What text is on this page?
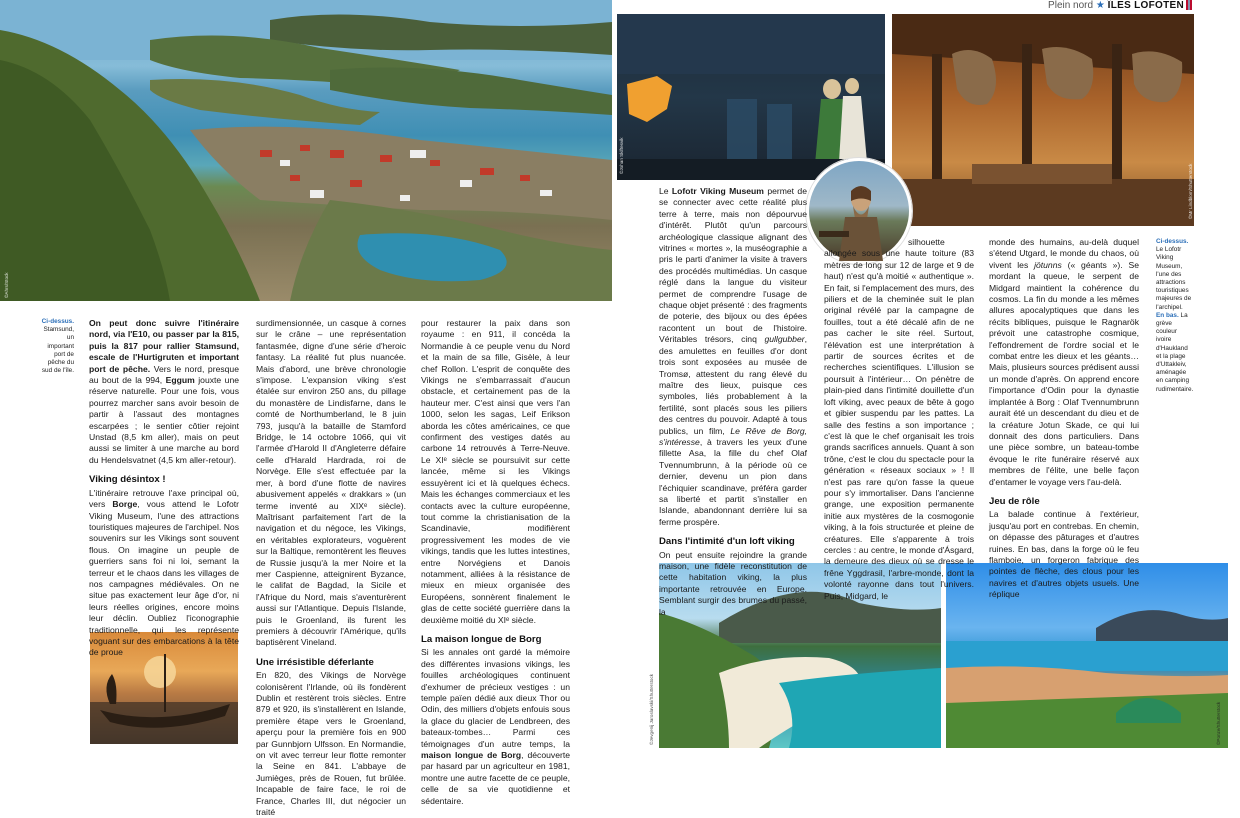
Plein nord ★ ÎLES LOFOTEN
©Ahrs/Stock
©Johan Skiftesvik
©Mr Lindblom/Shutterstock
©Vlada Photo/Shutterstock	©Jevgenij Jaroslavski/Shutterstock	©Ponze/Shutterstock
Ci-dessus. Stamsund, un important port de pêche du sud de l'île.
Ci-dessus. Le Lofotr Viking Museum, l'une des attractions touristiques majeures de l'archipel. En bas. La grève couleur ivoire d'Haukland et la plage d'Uttakleiv, aménagée en camping rudimentaire.

On peut donc suivre l'itinéraire nord, via l'E10, ou passer par la 815, puis la 817 pour rallier Stamsund, escale de l'Hurtigruten et important port de pêche. Vers le nord, presque au bout de la 994, Eggum jouxte une réserve naturelle. Pour une fois, vous pourrez marcher sans avoir besoin de partir à l'assaut des montagnes escarpées ; le sentier côtier rejoint Unstad (8,5 km aller), mais on peut aussi se limiter à une marche au bord du Hendelsvatnet (4,5 km aller-retour).

Viking désintox !

L'itinéraire retrouve l'axe principal où, vers Borge, vous attend le Lofotr Viking Museum, l'une des attractions touristiques majeures de l'archipel. Nos souvenirs sur les Vikings sont souvent flous. On imagine un peuple de guerriers sans foi ni loi, semant la terreur et le chaos dans les villages de nos campagnes médiévales. On ne situe pas exactement leur âge d'or, ni leurs réelles origines, encore moins leur déclin. Oubliez l'iconographie traditionnelle, qui les représente voguant sur des embarcations à la tête de proue

surdimensionnée, un casque à cornes sur le crâne – une représentation fantasmée, digne d'une série d'heroic fantasy. La réalité fut plus nuancée. Mais d'abord, une brève chronologie s'impose. L'expansion viking s'est étalée sur environ 250 ans, du pillage du monastère de Lindisfarne, dans le comté de Northumberland, le 8 juin 793, jusqu'à la bataille de Stamford Bridge, le 14 octobre 1066, qui vit l'armée d'Harold II d'Angleterre défaire celle d'Harald Hardrada, roi de Norvège. Elle s'est effectuée par la mer, à bord d'une flotte de navires abusivement appelés « drakkars » (un terme inventé au XIXᵉ siècle). Maîtrisant parfaitement l'art de la navigation et du négoce, les Vikings, en véritables explorateurs, voguèrent sur la Baltique, remontèrent les fleuves de Russie jusqu'à la mer Noire et la mer Caspienne, atteignirent Byzance, le califat de Bagdad, la Sicile et l'Afrique du Nord, mais s'aventurèrent aussi sur l'Atlantique. Depuis l'Islande, puis le Groenland, ils furent les premiers à découvrir l'Amérique, qu'ils baptisèrent Vineland.

Une irrésistible déferlante

En 820, des Vikings de Norvège colonisèrent l'Irlande, où ils fondèrent Dublin et restèrent trois siècles. Entre 879 et 920, ils s'installèrent en Islande, première étape vers le Groenland, aperçu pour la première fois en 900 par Gunnbjorn Ulfsson. En Normandie, on vit avec terreur leur flotte remonter la Seine en 841. L'abbaye de Jumièges, près de Rouen, fut brûlée. Incapable de faire face, le roi de France, Charles III, dut négocier un traité

pour restaurer la paix dans son royaume : en 911, il concéda la Normandie à ce peuple venu du Nord et la main de sa fille, Gisèle, à leur chef Rollon. L'esprit de conquête des Vikings ne s'embarrassait d'aucun obstacle, et certainement pas de la hauteur mer. C'est ainsi que vers l'an 1000, selon les sagas, Leif Erikson aborda les côtes américaines, ce que confirment des vestiges datés au carbone 14 retrouvés à Terre-Neuve. Le XIᵉ siècle se poursuivit sur cette lancée, même si les Vikings essuyèrent ici et là quelques échecs. Mais les échanges commerciaux et les contacts avec la culture européenne, tout comme la christianisation de la Scandinavie, modifièrent progressivement les modes de vie vikings, tandis que les luttes intestines, entre Norvégiens et Danois notamment, alliées à la résistance de mieux en mieux organisée des Européens, sonnèrent finalement le glas de cette société guerrière dans la deuxième moitié du XIᵉ siècle.

La maison longue de Borg

Si les annales ont gardé la mémoire des différentes invasions vikings, les fouilles archéologiques continuent d'exhumer de précieux vestiges : un temple païen dédié aux dieux Thor ou Odin, des milliers d'objets enfouis sous la glace du glacier de Lendbreen, des bateaux-tombes… Parmi ces témoignages d'un autre temps, la maison longue de Borg, découverte par hasard par un agriculteur en 1981, montre une autre facette de ce peuple, celle de sa vie quotidienne et sédentaire.

Le Lofotr Viking Museum permet de se connecter avec cette réalité plus terre à terre, mais non dépourvue d'intérêt. Plutôt qu'un parcours archéologique classique alignant des vitrines « mortes », la muséographie a pris le parti d'animer la visite à travers des procédés multimédias. Un casque réglé dans la langue du visiteur permet de comprendre l'usage de chaque objet présenté : des fragments de poterie, des bijoux ou des épées racontent un bout de l'histoire. Véritables trésors, cinq gullgubber, des amulettes en feuilles d'or dont trois sont exposées au musée de Tromsø, attestent du rang élevé du maître des lieux, puisque ces symboles, liés probablement à la fertilité, sont placés sous les piliers des centres du pouvoir. Adapté à tous publics, un film, Le Rêve de Borg, s'intéresse, à travers les yeux d'une fillette Asa, la fille du chef Olaf Tvennumbrunn, à la période où ce dernier, devenu un pion dans l'échiquier scandinave, préféra garder sa liberté et partit s'installer en Islande, abandonnant derrière lui sa ferme prospère.

Dans l'intimité d'un loft viking

On peut ensuite rejoindre la grande maison, une fidèle reconstitution de cette habitation viking, la plus importante retrouvée en Europe. Semblant surgir des brumes du passé, la

silhouette allongée sous une haute toiture (83 mètres de long sur 12 de large et 9 de haut) n'est qu'à moitié « authentique ». En fait, si l'emplacement des murs, des piliers et de la cheminée suit le plan original révélé par la campagne de fouilles, tout a été décalé afin de ne pas cacher le site réel. Surtout, l'élévation est une interprétation à partir de sources écrites et de recherches scientifiques. L'illusion se poursuit à l'intérieur… On pénètre de plain-pied dans l'intimité douillette d'un loft viking, avec peaux de bête à gogo et gibier suspendu par les pattes. La salle des festins a son importance ; c'est là que le chef organisait les trois grands sacrifices annuels. Quant à son trône, c'est le clou du spectacle pour la génération « réseaux sociaux » ! Il n'est pas rare qu'on fasse la queue pour s'y immortaliser. Dans l'ancienne grange, une exposition permanente initie aux mystères de la cosmogonie viking, à la fois structurée et pleine de créatures. Elle s'apparente à trois cercles : au centre, le monde d'Ásgard, la demeure des dieux où se dresse le frêne Yggdrasil, l'arbre-monde, dont la volonté rayonne dans tout l'univers. Puis, Midgard, le

monde des humains, au-delà duquel s'étend Utgard, le monde du chaos, où vivent les jötunns (« géants »). Se mordant la queue, le serpent de Midgard maintient la cohérence du cosmos. La fin du monde a les mêmes allures apocalyptiques que dans les récits bibliques, puisque le Ragnarök prévoit une catastrophe cosmique, l'effondrement de l'ordre social et le combat entre les dieux et les géants… Mais, plusieurs sources prédisent aussi un monde d'après. On apprend encore l'importance d'Odin pour la dynastie implantée à Borg : Olaf Tvennumbrunn aurait été un descendant du dieu et de la créature Jotun Skade, ce qui lui donnait des dons particuliers. Dans une pièce sombre, un bateau-tombe évoque le rite funéraire réservé aux membres de l'élite, une belle façon d'entamer le voyage vers l'au-delà.

Jeu de rôle

La balade continue à l'extérieur, jusqu'au port en contrebas. En chemin, on dépasse des pâturages et d'autres ruines. En bas, dans la forge où le feu flamboie, un forgeron fabrique des pointes de flèche, des clous pour les navires et d'autres objets usuels. Une réplique
